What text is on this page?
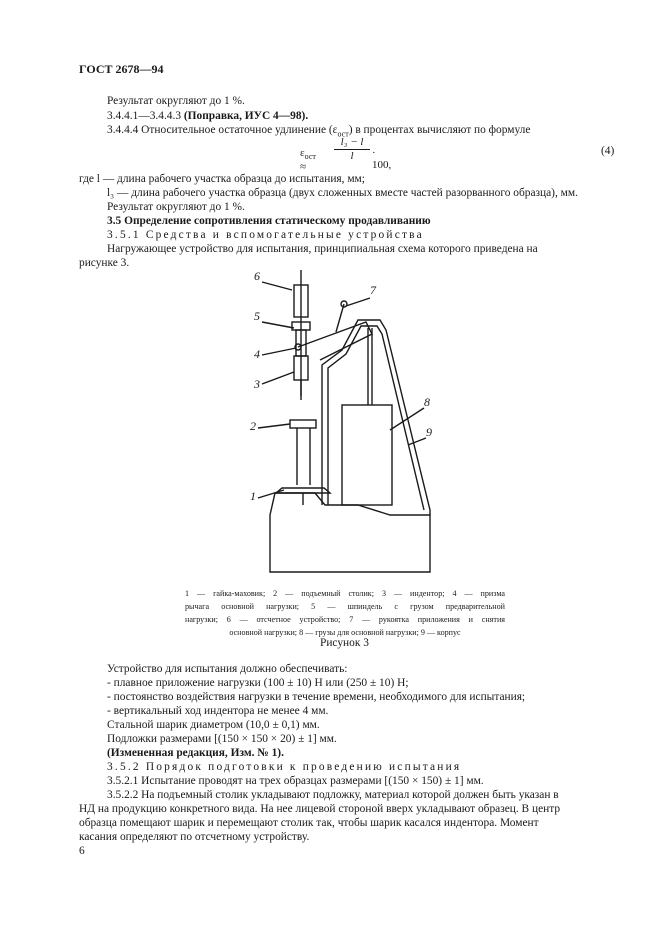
ГОСТ 2678—94
Результат округляют до 1 %.
3.4.4.1—3.4.4.3 (Поправка, ИУС 4—98).
3.4.4.4 Относительное остаточное удлинение $(\varepsilon_{ост})$ в процентах вычисляют по формуле
$\varepsilon_{ост}$ ≈
$\frac{\text{l₃ − l}}{l} \cdot 100$,
(4)
где l — длина рабочего участка образца до испытания, мм;
l₃ — длина рабочего участка образца (двух сложенных вместе частей разорванного образца), мм.
Результат округляют до 1 %.
3.5 Определение сопротивления статическому продавливанию
3.5.1 Средства и вспомогательные устройства
Нагружающее устройство для испытания, принципиальная схема которого приведена на
рисунке 3.
6
7
5
4
3
8
9
2
1
1 — гайка-маховик; 2 — подъемный столик; 3 — индентор; 4 — призма
рычага основной нагрузки; 5 — шпиндель с грузом предварительной
нагрузки; 6 — отсчетное устройство; 7 — рукоятка приложения и снятия
основной нагрузки; 8 — грузы для основной нагрузки; 9 — корпус
Рисунок 3
Устройство для испытания должно обеспечивать:
- плавное приложение нагрузки (100 ± 10) Н или (250 ± 10) Н;
- постоянство воздействия нагрузки в течение времени, необходимого для испытания;
- вертикальный ход индентора не менее 4 мм.
Стальной шарик диаметром (10,0 ± 0,1) мм.
Подложки размерами [(150 × 150 × 20) ± 1] мм.
(Измененная редакция, Изм. № 1).
3.5.2 Порядок подготовки к проведению испытания
3.5.2.1 Испытание проводят на трех образцах размерами [(150 × 150) ± 1] мм.
3.5.2.2 На подъемный столик укладывают подложку, материал которой должен быть указан в
НД на продукцию конкретного вида. На нее лицевой стороной вверх укладывают образец. В центр
образца помещают шарик и перемещают столик так, чтобы шарик касался индентора. Момент
касания определяют по отсчетному устройству.
6
